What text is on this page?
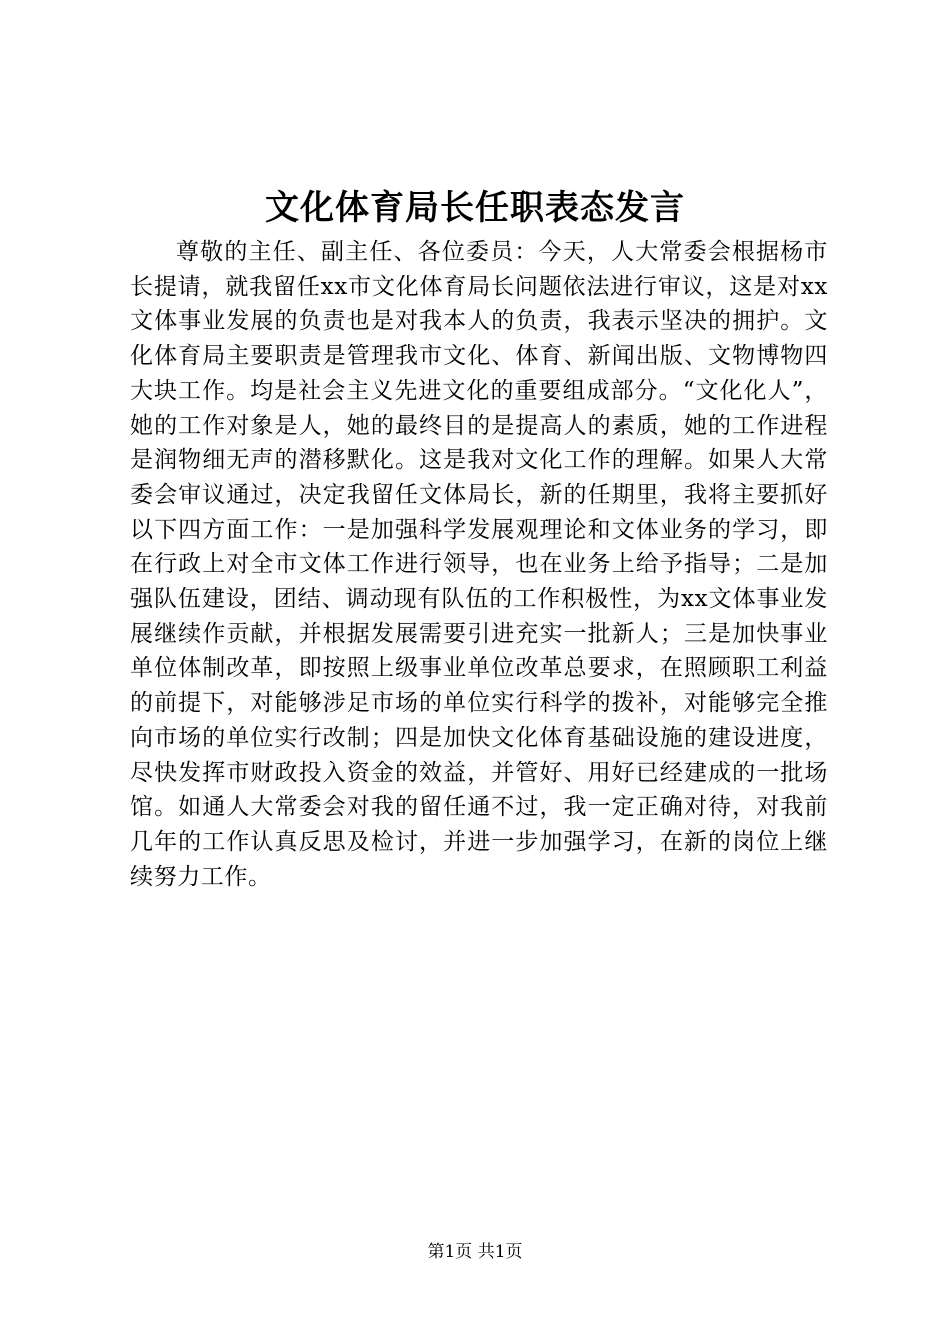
文化体育局长任职表态发言

尊敬的主任、副主任、各位委员：今天，人大常委会根据杨市长提请，就我留任xx市文化体育局长问题依法进行审议，这是对xx文体事业发展的负责也是对我本人的负责，我表示坚决的拥护。文化体育局主要职责是管理我市文化、体育、新闻出版、文物博物四大块工作。均是社会主义先进文化的重要组成部分。“文化化人”，她的工作对象是人，她的最终目的是提高人的素质，她的工作进程是润物细无声的潜移默化。这是我对文化工作的理解。如果人大常委会审议通过，决定我留任文体局长，新的任期里，我将主要抓好以下四方面工作：一是加强科学发展观理论和文体业务的学习，即在行政上对全市文体工作进行领导，也在业务上给予指导；二是加强队伍建设，团结、调动现有队伍的工作积极性，为xx文体事业发展继续作贡献，并根据发展需要引进充实一批新人；三是加快事业单位体制改革，即按照上级事业单位改革总要求，在照顾职工利益的前提下，对能够涉足市场的单位实行科学的拨补，对能够完全推向市场的单位实行改制；四是加快文化体育基础设施的建设进度，尽快发挥市财政投入资金的效益，并管好、用好已经建成的一批场馆。如通人大常委会对我的留任通不过，我一定正确对待，对我前几年的工作认真反思及检讨，并进一步加强学习，在新的岗位上继续努力工作。

第1页 共1页
